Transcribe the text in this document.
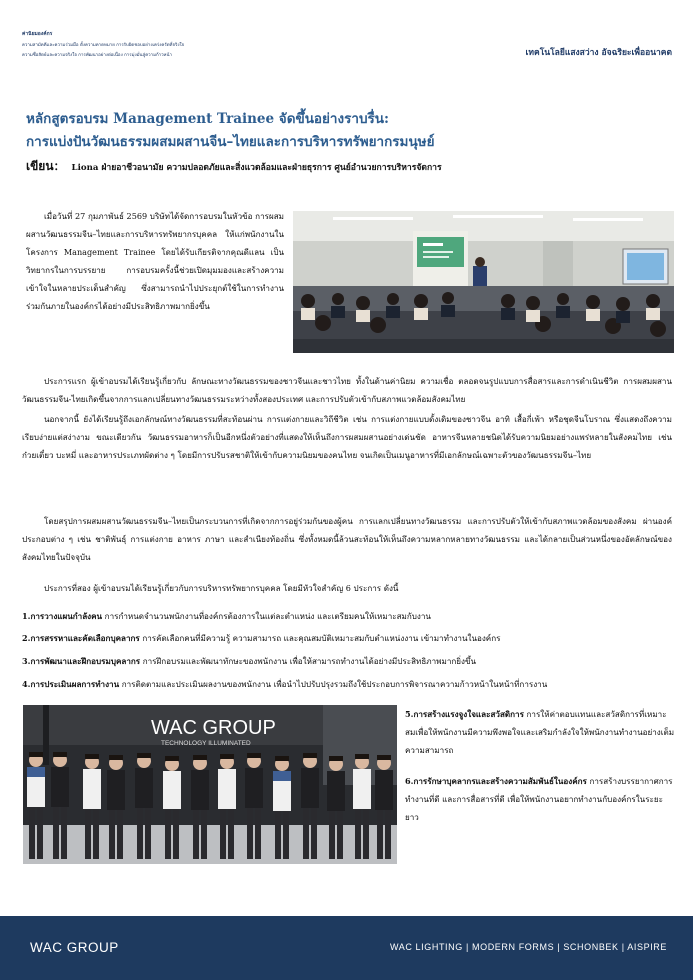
ค่านิยมองค์กร
ความสามัคคีและความร่วมมือ ตั้งความคาดหมาย การรับผิดชอบอย่างเคร่งครัดที่จริงใจ
ความซื่อสัตย์และความจริงใจ การพัฒนาอย่างต่อเนื่อง การมุ่งมั่นสู่ความก้าวหน้า	เทคโนโลยีแสงสว่าง อัจฉริยะเพื่ออนาคต
หลักสูตรอบรม Management Trainee จัดขึ้นอย่างราบรื่น:
การแบ่งปันวัฒนธรรมผสมผสานจีน–ไทยและการบริหารทรัพยากรมนุษย์
เขียน： Liona ฝ่ายอาชีวอนามัย ความปลอดภัยและสิ่งแวดล้อมและฝ่ายธุรการ ศูนย์อำนวยการบริหารจัดการ
เมื่อวันที่ 27 กุมภาพันธ์ 2569 บริษัทได้จัดการอบรมในหัวข้อ การผสมผสานวัฒนธรรมจีน–ไทยและการบริหารทรัพยากรบุคคล ให้แก่พนักงานในโครงการ Management Trainee โดยได้รับเกียรติจากคุณดีแลน เป็นวิทยากรในการบรรยาย การอบรมครั้งนี้ช่วยเปิดมุมมองและสร้างความเข้าใจในหลายประเด็นสำคัญ ซึ่งสามารถนำไปประยุกต์ใช้ในการทำงานร่วมกันภายในองค์กรได้อย่างมีประสิทธิภาพมากยิ่งขึ้น
ประการแรก ผู้เข้าอบรมได้เรียนรู้เกี่ยวกับ ลักษณะทางวัฒนธรรมของชาวจีนและชาวไทย ทั้งในด้านค่านิยม ความเชื่อ ตลอดจนรูปแบบการสื่อสารและการดำเนินชีวิต การผสมผสานวัฒนธรรมจีน-ไทยเกิดขึ้นจากการแลกเปลี่ยนทางวัฒนธรรมระหว่างทั้งสองประเทศ และการปรับตัวเข้ากับสภาพแวดล้อมสังคมไทย
นอกจากนี้ ยังได้เรียนรู้ถึงเอกลักษณ์ทางวัฒนธรรมที่สะท้อนผ่าน การแต่งกายและวิถีชีวิต เช่น การแต่งกายแบบดั้งเดิมของชาวจีน อาทิ เสื้อกี่เพ้า หรือชุดจีนโบราณ ซึ่งแสดงถึงความเรียบง่ายแต่สง่างาม ขณะเดียวกัน วัฒนธรรมอาหารก็เป็นอีกหนึ่งตัวอย่างที่แสดงให้เห็นถึงการผสมผสานอย่างเด่นชัด อาหารจีนหลายชนิดได้รับความนิยมอย่างแพร่หลายในสังคมไทย เช่น ก๋วยเตี๋ยว บะหมี่ และอาหารประเภทผัดต่าง ๆ โดยมีการปรับรสชาติให้เข้ากับความนิยมของคนไทย จนเกิดเป็นเมนูอาหารที่มีเอกลักษณ์เฉพาะตัวของวัฒนธรรมจีน–ไทย
โดยสรุปการผสมผสานวัฒนธรรมจีน–ไทยเป็นกระบวนการที่เกิดจากการอยู่ร่วมกันของผู้คน การแลกเปลี่ยนทางวัฒนธรรม และการปรับตัวให้เข้ากับสภาพแวดล้อมของสังคม ผ่านองค์ประกอบต่าง ๆ เช่น ชาติพันธุ์ การแต่งกาย อาหาร ภาษา และสำเนียงท้องถิ่น ซึ่งทั้งหมดนี้ล้วนสะท้อนให้เห็นถึงความหลากหลายทางวัฒนธรรม และได้กลายเป็นส่วนหนึ่งของอัตลักษณ์ของสังคมไทยในปัจจุบัน
ประการที่สอง ผู้เข้าอบรมได้เรียนรู้เกี่ยวกับการบริหารทรัพยากรบุคคล โดยมีหัวใจสำคัญ 6 ประการ ดังนี้
1.การวางแผนกำลังคน การกำหนดจำนวนพนักงานที่องค์กรต้องการในแต่ละตำแหน่ง และเตรียมคนให้เหมาะสมกับงาน
2.การสรรหาและคัดเลือกบุคลากร การคัดเลือกคนที่มีความรู้ ความสามารถ และคุณสมบัติเหมาะสมกับตำแหน่งงาน เข้ามาทำงานในองค์กร
3.การพัฒนาและฝึกอบรมบุคลากร การฝึกอบรมและพัฒนาทักษะของพนักงาน เพื่อให้สามารถทำงานได้อย่างมีประสิทธิภาพมากยิ่งขึ้น
4.การประเมินผลการทำงาน การติดตามและประเมินผลงานของพนักงาน เพื่อนำไปปรับปรุงรวมถึงใช้ประกอบการพิจารณาความก้าวหน้าในหน้าที่การงาน
WAC GROUP
TECHNOLOGY ILLUMINATED
5.การสร้างแรงจูงใจและสวัสดิการ การให้ค่าตอบแทนและสวัสดิการที่เหมาะสมเพื่อให้พนักงานมีความพึงพอใจและเสริมกำลังใจให้พนักงานทำงานอย่างเต็มความสามารถ
6.การรักษาบุคลากรและสร้างความสัมพันธ์ในองค์กร การสร้างบรรยากาศการทำงานที่ดี และการสื่อสารที่ดี เพื่อให้พนักงานอยากทำงานกับองค์กรในระยะยาว
WAC GROUP	WAC LIGHTING | MODERN FORMS | SCHONBEK | AISPIRE
